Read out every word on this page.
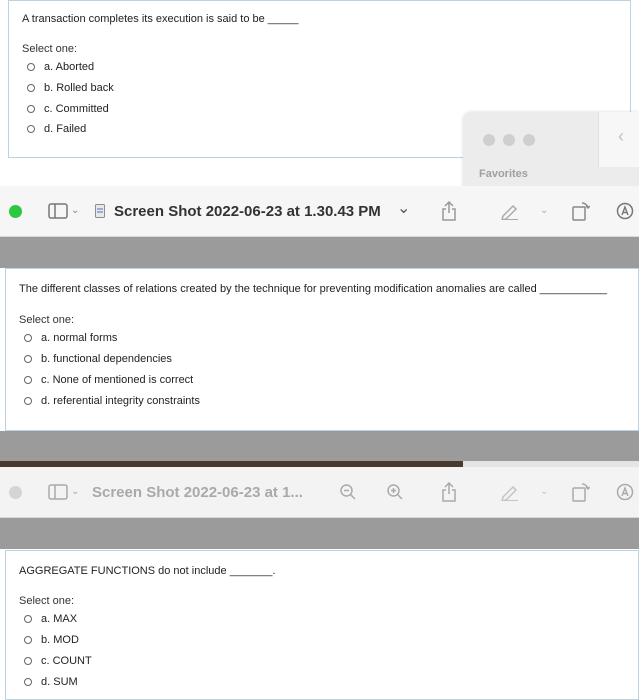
A transaction completes its execution is said to be _____
Select one:
a. Aborted
b. Rolled back
c. Committed
d. Failed	‹
Favorites
⌄ Screen Shot 2022-06-23 at 1.30.43 PM ⌄	⌄
The different classes of relations created by the technique for preventing modification anomalies are called ___________
Select one:
a. normal forms
b. functional dependencies
c. None of mentioned is correct
d. referential integrity constraints
⌄ Screen Shot 2022-06-23 at 1...	⌄
AGGREGATE FUNCTIONS do not include _______.
Select one:
a. MAX
b. MOD
c. COUNT
d. SUM
